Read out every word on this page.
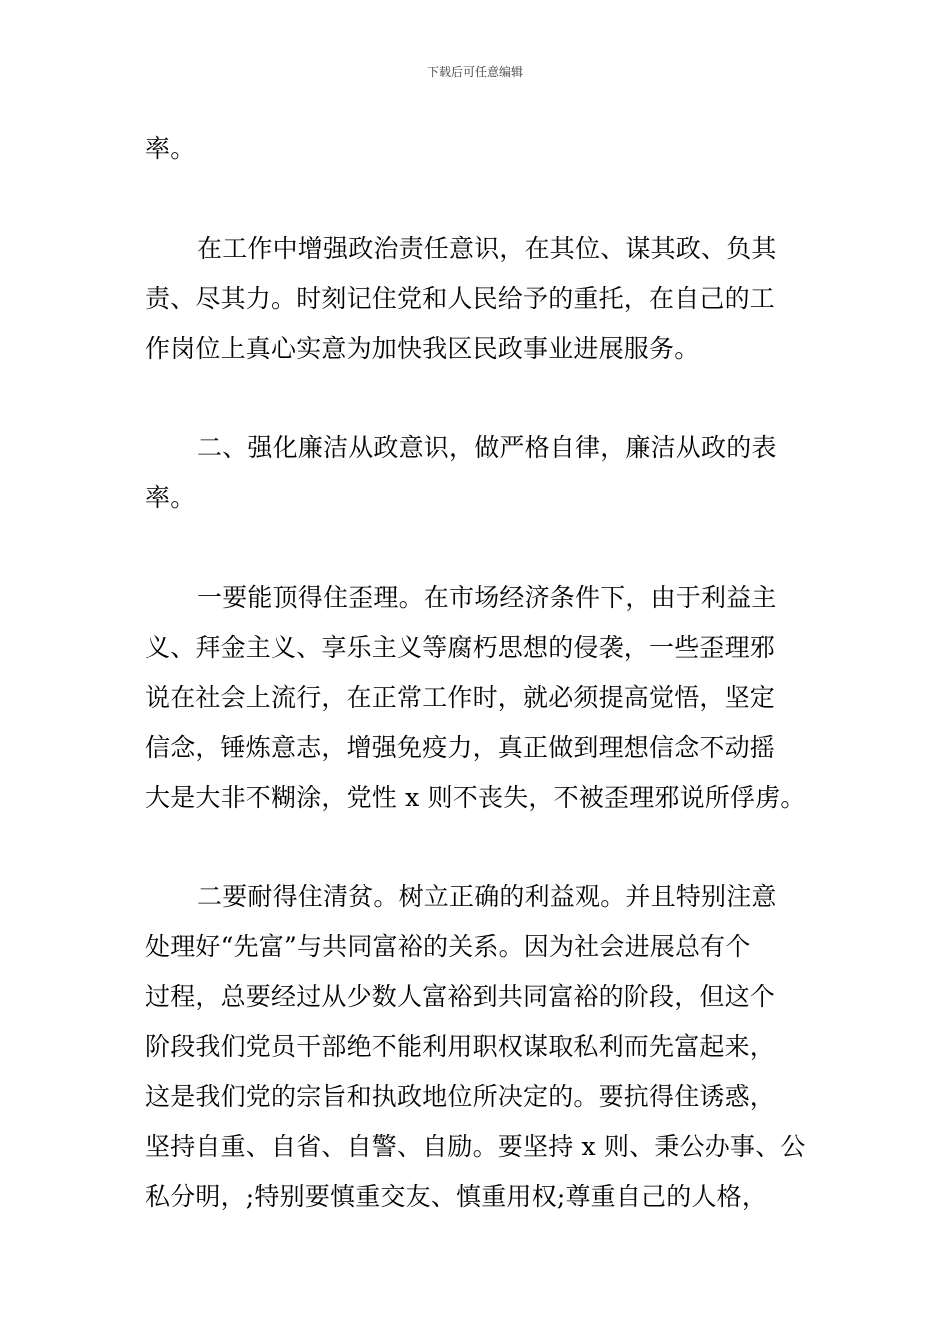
下载后可任意编辑
率。
在工作中增强政治责任意识，在其位、谋其政、负其
责、尽其力。时刻记住党和人民给予的重托，在自己的工
作岗位上真心实意为加快我区民政事业进展服务。
二、强化廉洁从政意识，做严格自律，廉洁从政的表
率。
一要能顶得住歪理。在市场经济条件下，由于利益主
义、拜金主义、享乐主义等腐朽思想的侵袭，一些歪理邪
说在社会上流行，在正常工作时，就必须提高觉悟，坚定
信念，锤炼意志，增强免疫力，真正做到理想信念不动摇
大是大非不糊涂，党性 x 则不丧失，不被歪理邪说所俘虏。
二要耐得住清贫。树立正确的利益观。并且特别注意
处理好“先富”与共同富裕的关系。因为社会进展总有个
过程，总要经过从少数人富裕到共同富裕的阶段，但这个
阶段我们党员干部绝不能利用职权谋取私利而先富起来，
这是我们党的宗旨和执政地位所决定的。要抗得住诱惑，
坚持自重、自省、自警、自励。要坚持 x 则、秉公办事、公
私分明，;特别要慎重交友、慎重用权;尊重自己的人格，
